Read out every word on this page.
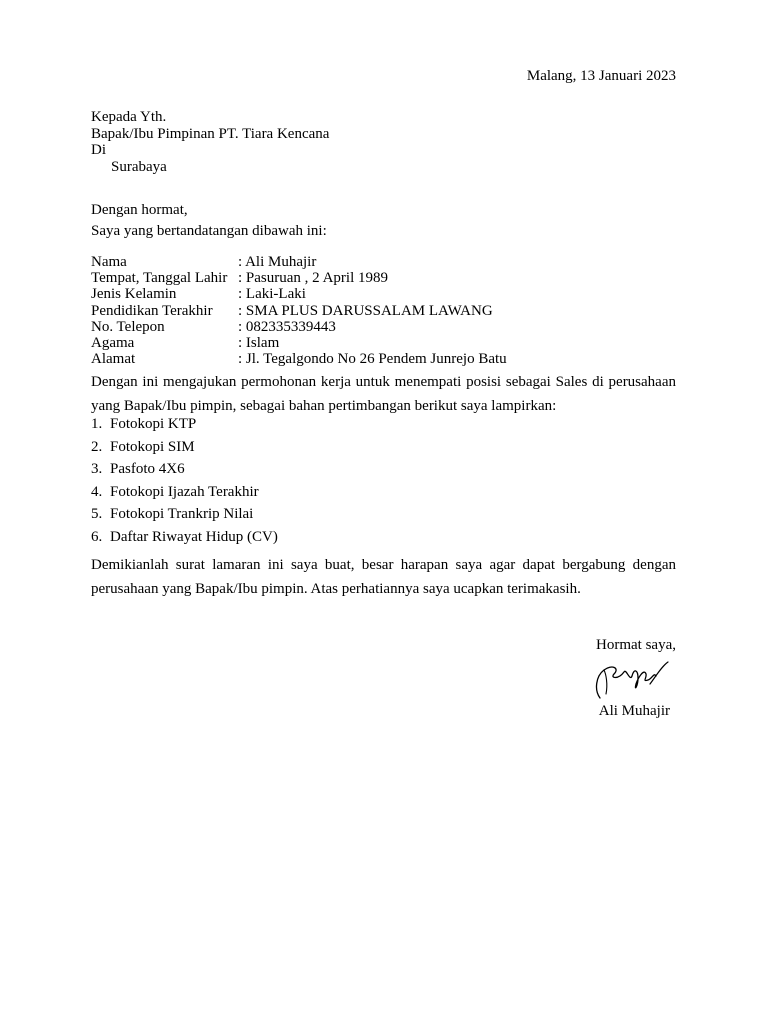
Malang, 13 Januari 2023
Kepada Yth.
Bapak/Ibu Pimpinan PT. Tiara Kencana
Di
Surabaya
Dengan hormat,
Saya yang bertandatangan dibawah ini:
Nama	: Ali Muhajir
Tempat, Tanggal Lahir : Pasuruan , 2 April 1989
Jenis Kelamin	: Laki-Laki
Pendidikan Terakhir	: SMA PLUS DARUSSALAM LAWANG
No. Telepon	: 082335339443
Agama	: Islam
Alamat	: Jl. Tegalgondo No 26 Pendem Junrejo Batu
Dengan ini mengajukan permohonan kerja untuk menempati posisi sebagai Sales di perusahaan yang Bapak/Ibu pimpin, sebagai bahan pertimbangan berikut saya lampirkan:
1. Fotokopi KTP
2. Fotokopi SIM
3. Pasfoto 4X6
4. Fotokopi Ijazah Terakhir
5. Fotokopi Trankrip Nilai
6. Daftar Riwayat Hidup (CV)
Demikianlah surat lamaran ini saya buat, besar harapan saya agar dapat bergabung dengan perusahaan yang Bapak/Ibu pimpin. Atas perhatiannya saya ucapkan terimakasih.
Hormat saya,
Ali Muhajir
